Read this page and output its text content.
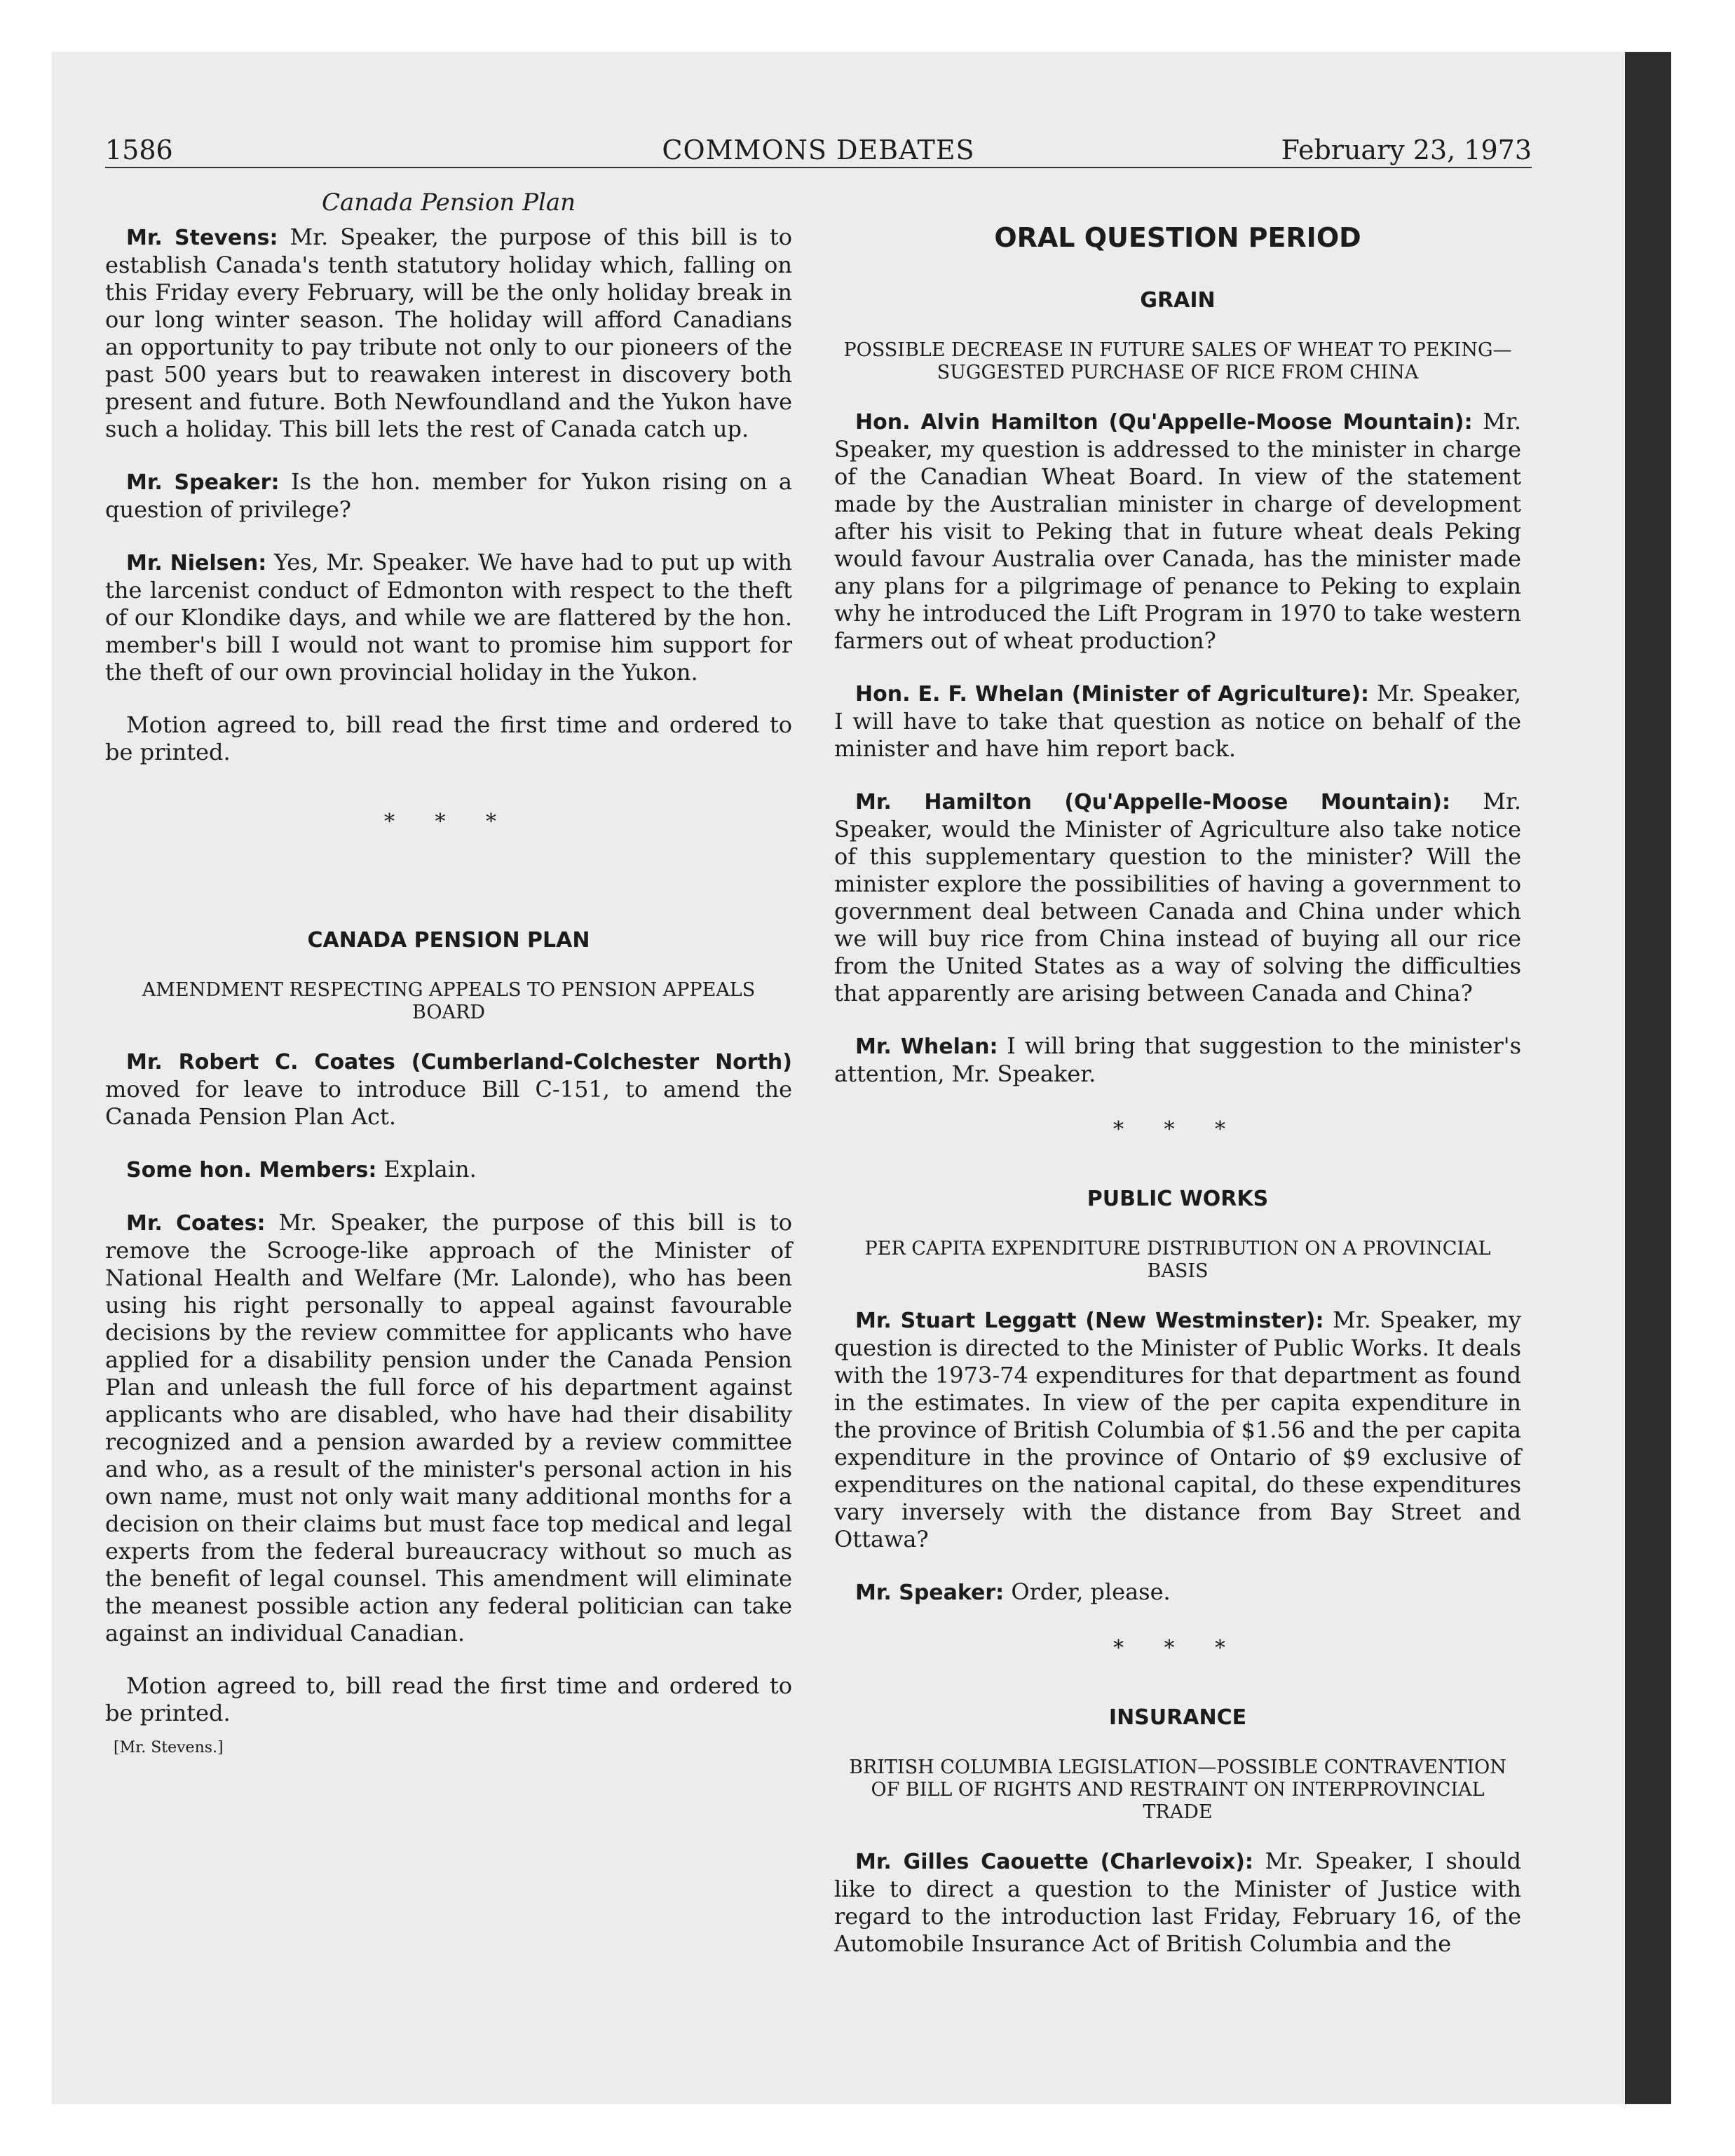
1586	COMMONS DEBATES	February 23, 1973
Canada Pension Plan

Mr. Stevens: Mr. Speaker, the purpose of this bill is to establish Canada's tenth statutory holiday which, falling on this Friday every February, will be the only holiday break in our long winter season. The holiday will afford Canadians an opportunity to pay tribute not only to our pioneers of the past 500 years but to reawaken interest in discovery both present and future. Both Newfoundland and the Yukon have such a holiday. This bill lets the rest of Canada catch up.

Mr. Speaker: Is the hon. member for Yukon rising on a question of privilege?

Mr. Nielsen: Yes, Mr. Speaker. We have had to put up with the larcenist conduct of Edmonton with respect to the theft of our Klondike days, and while we are flattered by the hon. member's bill I would not want to promise him support for the theft of our own provincial holiday in the Yukon.

Motion agreed to, bill read the first time and ordered to be printed.

* * *
CANADA PENSION PLAN
AMENDMENT RESPECTING APPEALS TO PENSION APPEALS BOARD

Mr. Robert C. Coates (Cumberland-Colchester North) moved for leave to introduce Bill C-151, to amend the Canada Pension Plan Act.

Some hon. Members: Explain.

Mr. Coates: Mr. Speaker, the purpose of this bill is to remove the Scrooge-like approach of the Minister of National Health and Welfare (Mr. Lalonde), who has been using his right personally to appeal against favourable decisions by the review committee for applicants who have applied for a disability pension under the Canada Pension Plan and unleash the full force of his department against applicants who are disabled, who have had their disability recognized and a pension awarded by a review committee and who, as a result of the minister's personal action in his own name, must not only wait many additional months for a decision on their claims but must face top medical and legal experts from the federal bureaucracy without so much as the benefit of legal counsel. This amendment will eliminate the meanest possible action any federal politician can take against an individual Canadian.

Motion agreed to, bill read the first time and ordered to be printed.

[Mr. Stevens.]
ORAL QUESTION PERIOD
GRAIN
POSSIBLE DECREASE IN FUTURE SALES OF WHEAT TO PEKING—SUGGESTED PURCHASE OF RICE FROM CHINA

Hon. Alvin Hamilton (Qu'Appelle-Moose Mountain): Mr. Speaker, my question is addressed to the minister in charge of the Canadian Wheat Board. In view of the statement made by the Australian minister in charge of development after his visit to Peking that in future wheat deals Peking would favour Australia over Canada, has the minister made any plans for a pilgrimage of penance to Peking to explain why he introduced the Lift Program in 1970 to take western farmers out of wheat production?

Hon. E. F. Whelan (Minister of Agriculture): Mr. Speaker, I will have to take that question as notice on behalf of the minister and have him report back.

Mr. Hamilton (Qu'Appelle-Moose Mountain): Mr. Speaker, would the Minister of Agriculture also take notice of this supplementary question to the minister? Will the minister explore the possibilities of having a government to government deal between Canada and China under which we will buy rice from China instead of buying all our rice from the United States as a way of solving the difficulties that apparently are arising between Canada and China?

Mr. Whelan: I will bring that suggestion to the minister's attention, Mr. Speaker.

* * *
PUBLIC WORKS
PER CAPITA EXPENDITURE DISTRIBUTION ON A PROVINCIAL BASIS

Mr. Stuart Leggatt (New Westminster): Mr. Speaker, my question is directed to the Minister of Public Works. It deals with the 1973-74 expenditures for that department as found in the estimates. In view of the per capita expenditure in the province of British Columbia of $1.56 and the per capita expenditure in the province of Ontario of $9 exclusive of expenditures on the national capital, do these expenditures vary inversely with the distance from Bay Street and Ottawa?

Mr. Speaker: Order, please.

* * *
INSURANCE
BRITISH COLUMBIA LEGISLATION—POSSIBLE CONTRAVENTION OF BILL OF RIGHTS AND RESTRAINT ON INTERPROVINCIAL TRADE

Mr. Gilles Caouette (Charlevoix): Mr. Speaker, I should like to direct a question to the Minister of Justice with regard to the introduction last Friday, February 16, of the Automobile Insurance Act of British Columbia and the
